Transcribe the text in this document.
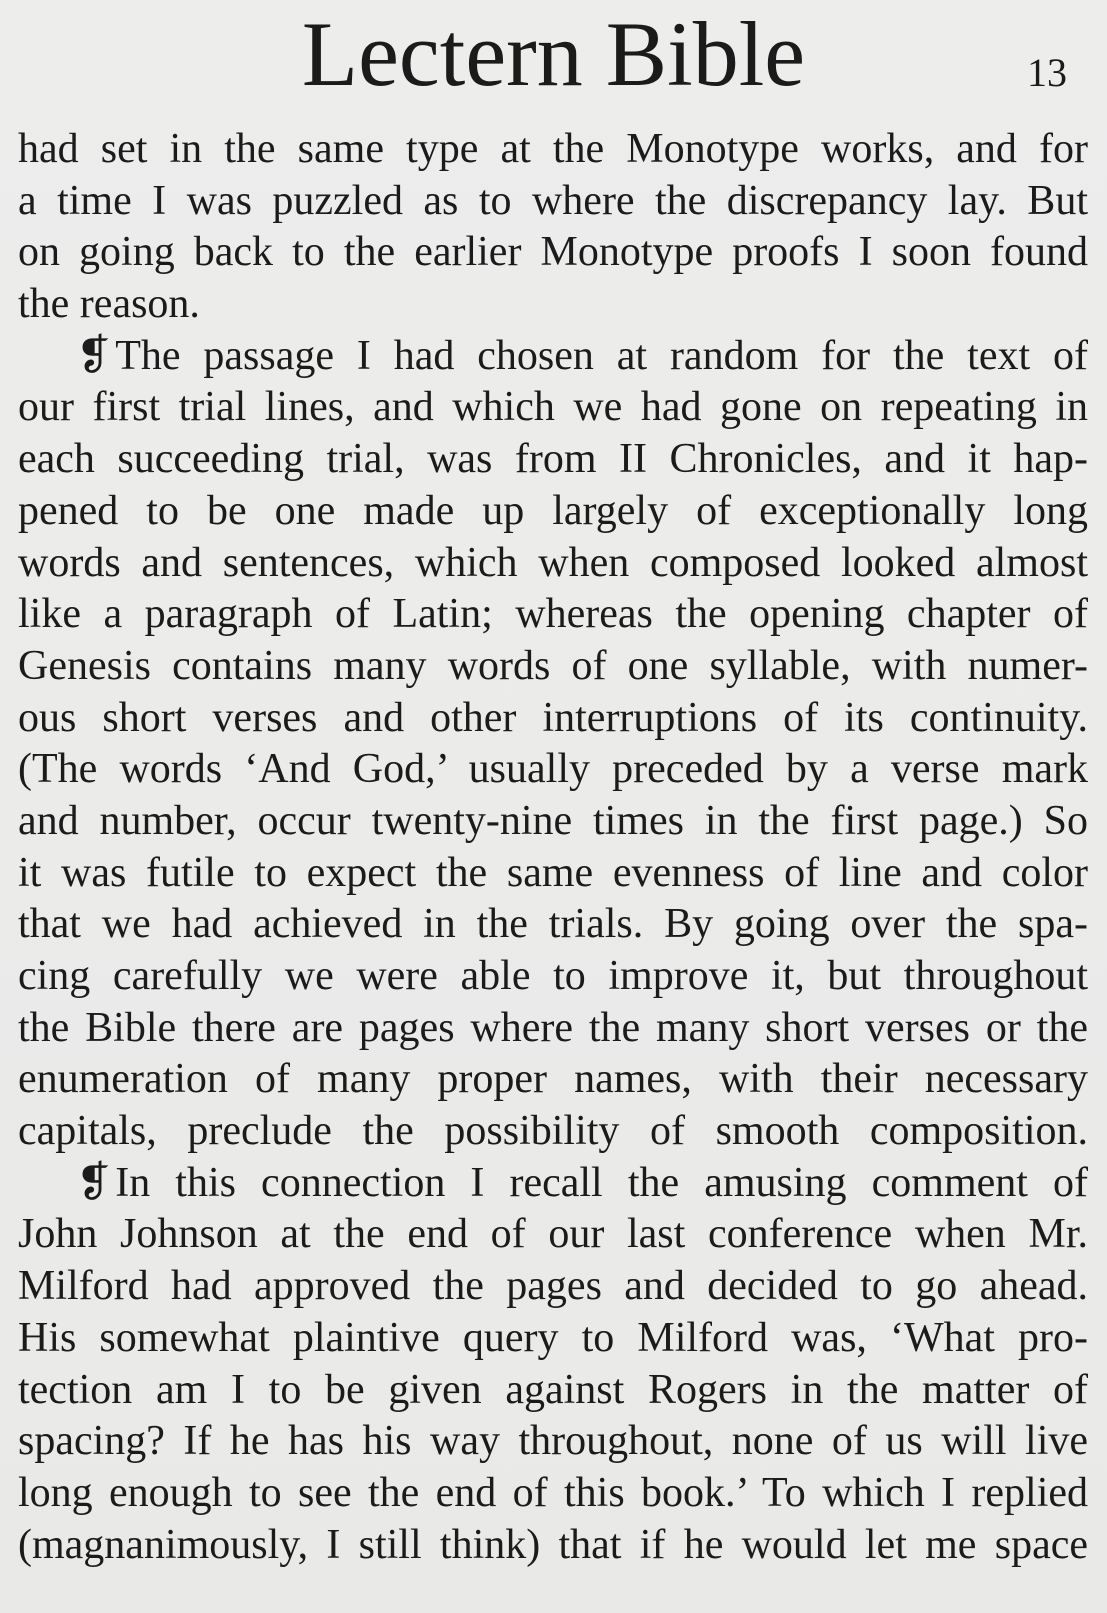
Lectern Bible	13
had set in the same type at the Monotype works, and for
a time I was puzzled as to where the discrepancy lay. But
on going back to the earlier Monotype proofs I soon found
the reason.
❡The passage I had chosen at random for the text of
our first trial lines, and which we had gone on repeating in
each succeeding trial, was from II Chronicles, and it hap-
pened to be one made up largely of exceptionally long
words and sentences, which when composed looked almost
like a paragraph of Latin; whereas the opening chapter of
Genesis contains many words of one syllable, with numer-
ous short verses and other interruptions of its continuity.
(The words ‘And God,’ usually preceded by a verse mark
and number, occur twenty-nine times in the first page.) So
it was futile to expect the same evenness of line and color
that we had achieved in the trials. By going over the spa-
cing carefully we were able to improve it, but throughout
the Bible there are pages where the many short verses or the
enumeration of many proper names, with their necessary
capitals, preclude the possibility of smooth composition.
❡In this connection I recall the amusing comment of
John Johnson at the end of our last conference when Mr.
Milford had approved the pages and decided to go ahead.
His somewhat plaintive query to Milford was, ‘What pro-
tection am I to be given against Rogers in the matter of
spacing? If he has his way throughout, none of us will live
long enough to see the end of this book.’ To which I replied
(magnanimously, I still think) that if he would let me space
